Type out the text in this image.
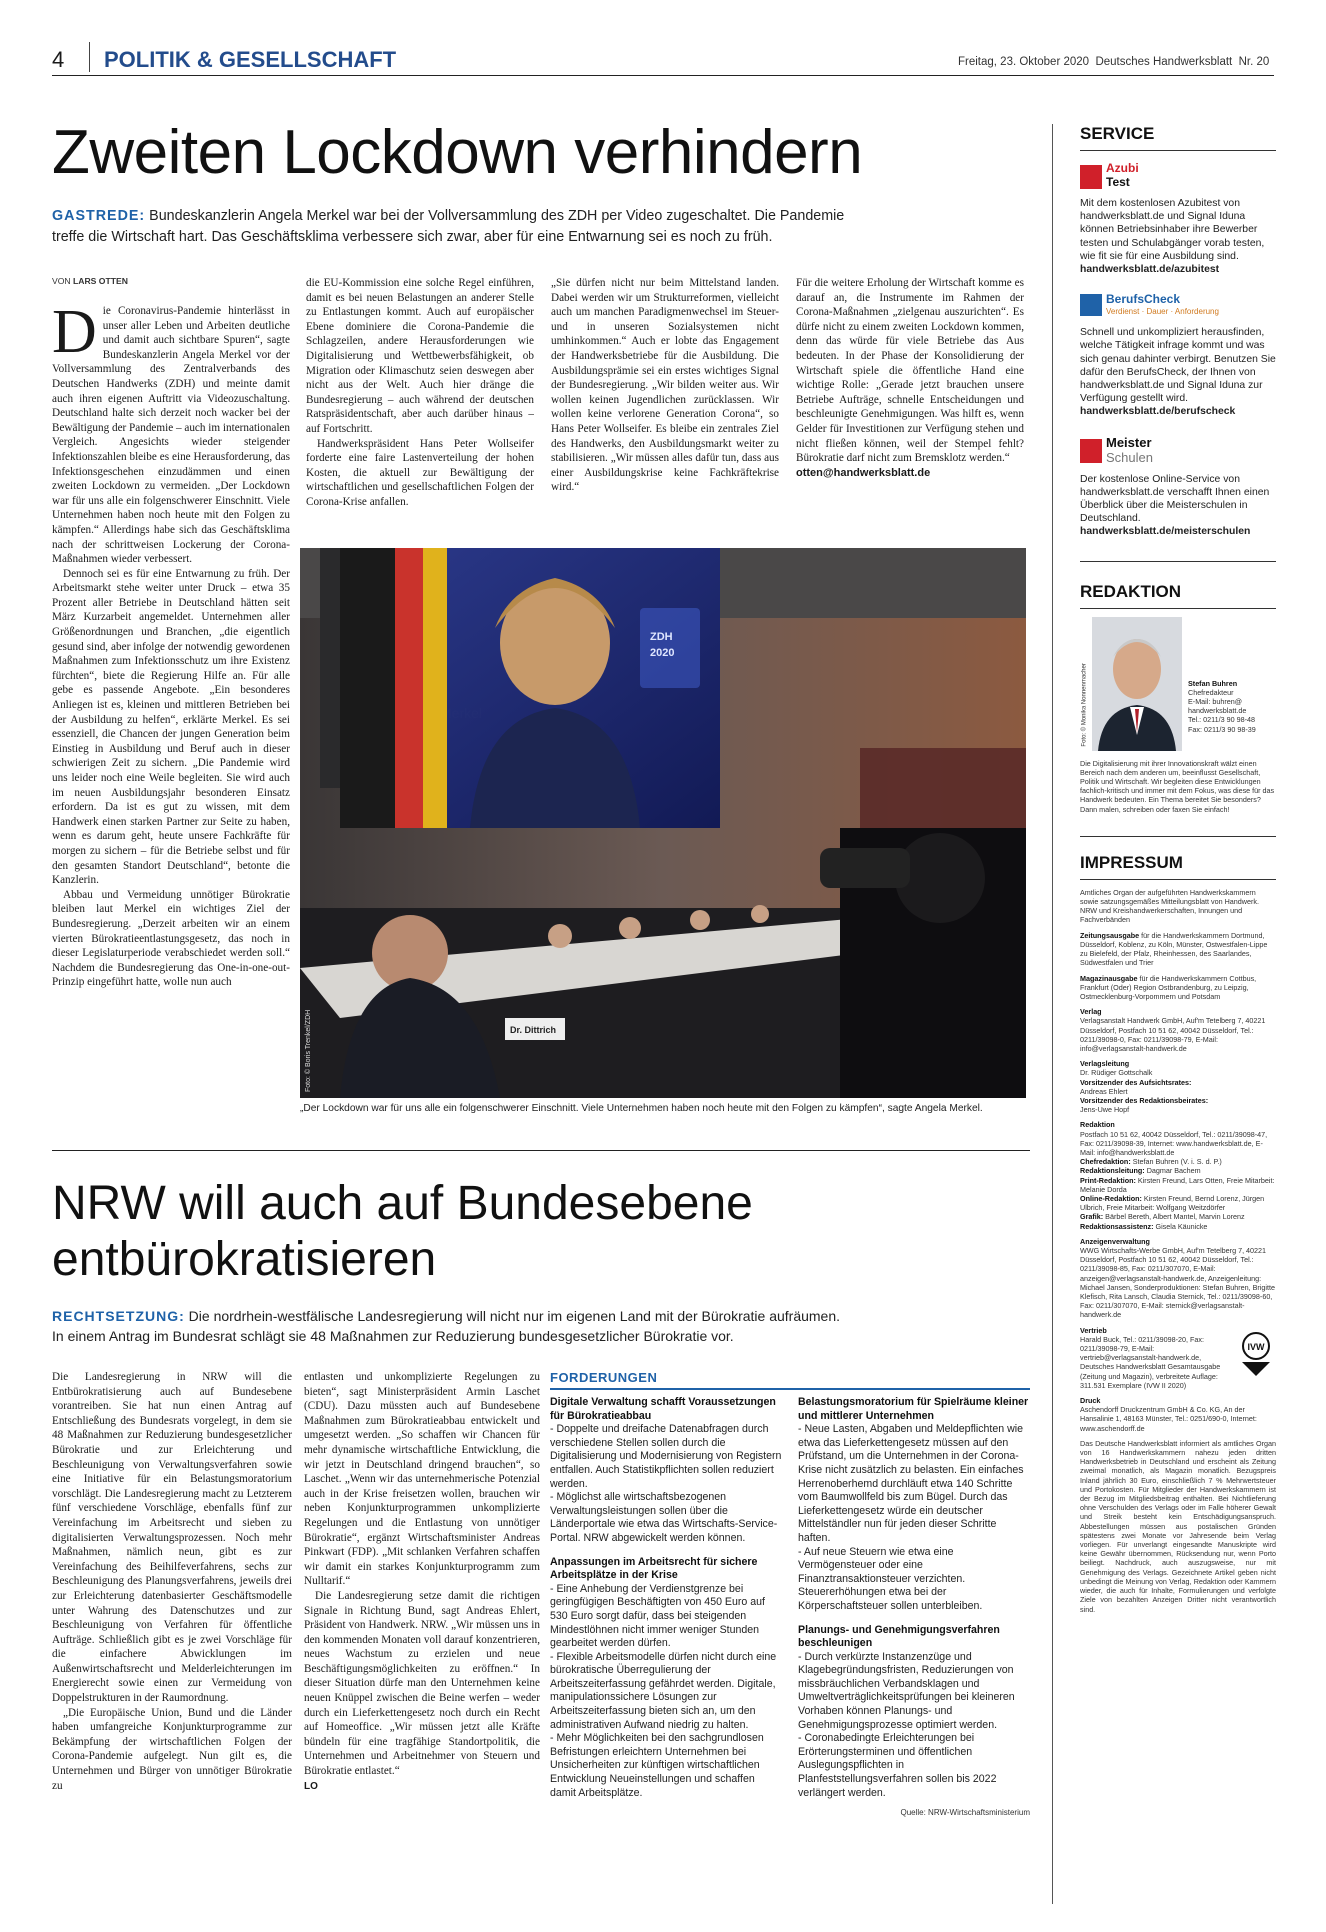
4 POLITIK & GESELLSCHAFT	Freitag, 23. Oktober 2020  Deutsches Handwerksblatt  Nr. 20
Zweiten Lockdown verhindern
GASTREDE: Bundeskanzlerin Angela Merkel war bei der Vollversammlung des ZDH per Video zugeschaltet. Die Pandemie
treffe die Wirtschaft hart. Das Geschäftsklima verbessere sich zwar, aber für eine Entwarnung sei es noch zu früh.
VON LARS OTTEN
D ie Coronavirus-Pandemie hinterlässt in unser aller Leben und Arbeiten deutliche und damit auch sichtbare Spuren“, sagte Bundeskanzlerin Angela Merkel vor der Vollversammlung des Zentralverbands des Deutschen Handwerks (ZDH) und meinte damit auch ihren eigenen Auftritt via Videozuschaltung. Deutschland halte sich derzeit noch wacker bei der Bewältigung der Pandemie – auch im internationalen Vergleich. Angesichts wieder steigender Infektionszahlen bleibe es eine Herausforderung, das Infektionsgeschehen einzudämmen und einen zweiten Lockdown zu vermeiden. „Der Lockdown war für uns alle ein folgenschwerer Einschnitt. Viele Unternehmen haben noch heute mit den Folgen zu kämpfen.“ Allerdings habe sich das Geschäftsklima nach der schrittweisen Lockerung der Corona-Maßnahmen wieder verbessert.

Dennoch sei es für eine Entwarnung zu früh. Der Arbeitsmarkt stehe weiter unter Druck – etwa 35 Prozent aller Betriebe in Deutschland hätten seit März Kurzarbeit angemeldet. Unternehmen aller Größenordnungen und Branchen, „die eigentlich gesund sind, aber infolge der notwendig gewordenen Maßnahmen zum Infektionsschutz um ihre Existenz fürchten“, biete die Regierung Hilfe an. Für alle gebe es passende Angebote. „Ein besonderes Anliegen ist es, kleinen und mittleren Betrieben bei der Ausbildung zu helfen“, erklärte Merkel. Es sei essenziell, die Chancen der jungen Generation beim Einstieg in Ausbildung und Beruf auch in dieser schwierigen Zeit zu sichern. „Die Pandemie wird uns leider noch eine Weile begleiten. Sie wird auch im neuen Ausbildungsjahr besonderen Einsatz erfordern. Da ist es gut zu wissen, mit dem Handwerk einen starken Partner zur Seite zu haben, wenn es darum geht, heute unsere Fachkräfte für morgen zu sichern – für die Betriebe selbst und für den gesamten Standort Deutschland“, betonte die Kanzlerin.

Abbau und Vermeidung unnötiger Bürokratie bleiben laut Merkel ein wichtiges Ziel der Bundesregierung. „Derzeit arbeiten wir an einem vierten Bürokratieentlastungsgesetz, das noch in dieser Legislaturperiode verabschiedet werden soll.“ Nachdem die Bundesregierung das One-in-one-out-Prinzip eingeführt hatte, wolle nun auch

die EU-Kommission eine solche Regel einführen, damit es bei neuen Belastungen an anderer Stelle zu Entlastungen kommt. Auch auf europäischer Ebene dominiere die Corona-Pandemie die Schlagzeilen, andere Herausforderungen wie Digitalisierung und Wettbewerbsfähigkeit, ob Migration oder Klimaschutz seien deswegen aber nicht aus der Welt. Auch hier dränge die Bundesregierung – auch während der deutschen Ratspräsidentschaft, aber auch darüber hinaus – auf Fortschritt.

Handwerkspräsident Hans Peter Wollseifer forderte eine faire Lastenverteilung der hohen Kosten, die aktuell zur Bewältigung der wirtschaftlichen und gesellschaftlichen Folgen der Corona-Krise anfallen.

„Sie dürfen nicht nur beim Mittelstand landen. Dabei werden wir um Strukturreformen, vielleicht auch um manchen Paradigmenwechsel im Steuer- und in unseren Sozialsystemen nicht umhinkommen.“ Auch er lobte das Engagement der Handwerksbetriebe für die Ausbildung. Die Ausbildungsprämie sei ein erstes wichtiges Signal der Bundesregierung. „Wir bilden weiter aus. Wir wollen keinen Jugendlichen zurücklassen. Wir wollen keine verlorene Generation Corona“, so Hans Peter Wollseifer. Es bleibe ein zentrales Ziel des Handwerks, den Ausbildungsmarkt weiter zu stabilisieren. „Wir müssen alles dafür tun, dass aus einer Ausbildungskrise keine Fachkräftekrise wird.“

Für die weitere Erholung der Wirtschaft komme es darauf an, die Instrumente im Rahmen der Corona-Maßnahmen „zielgenau auszurichten“. Es dürfe nicht zu einem zweiten Lockdown kommen, denn das würde für viele Betriebe das Aus bedeuten. In der Phase der Konsolidierung der Wirtschaft spiele die öffentliche Hand eine wichtige Rolle: „Gerade jetzt brauchen unsere Betriebe Aufträge, schnelle Entscheidungen und beschleunigte Genehmigungen. Was hilft es, wenn Gelder für Investitionen zur Verfügung stehen und nicht fließen können, weil der Stempel fehlt? Bürokratie darf nicht zum Bremsklotz werden.“

otten@handwerksblatt.de
Foto: © Boris Trenkel/ZDH
ZDH
2020
Dr. Dittrich
„Der Lockdown war für uns alle ein folgenschwerer Einschnitt. Viele Unternehmen haben noch heute mit den Folgen zu kämpfen“, sagte Angela Merkel.
NRW will auch auf Bundesebene
entbürokratisieren
RECHTSETZUNG: Die nordrhein-westfälische Landesregierung will nicht nur im eigenen Land mit der Bürokratie aufräumen.
In einem Antrag im Bundesrat schlägt sie 48 Maßnahmen zur Reduzierung bundesgesetzlicher Bürokratie vor.

Die Landesregierung in NRW will die Entbürokratisierung auch auf Bundesebene vorantreiben. Sie hat nun einen Antrag auf Entschließung des Bundesrats vorgelegt, in dem sie 48 Maßnahmen zur Reduzierung bundesgesetzlicher Bürokratie und zur Erleichterung und Beschleunigung von Verwaltungsverfahren sowie eine Initiative für ein Belastungsmoratorium vorschlägt. Die Landesregierung macht zu Letzterem fünf verschiedene Vorschläge, ebenfalls fünf zur Vereinfachung im Arbeitsrecht und sieben zu digitalisierten Verwaltungsprozessen. Noch mehr Maßnahmen, nämlich neun, gibt es zur Vereinfachung des Beihilfeverfahrens, sechs zur Beschleunigung des Planungsverfahrens, jeweils drei zur Erleichterung datenbasierter Geschäftsmodelle unter Wahrung des Datenschutzes und zur Beschleunigung von Verfahren für öffentliche Aufträge. Schließlich gibt es je zwei Vorschläge für die einfachere Abwicklungen im Außenwirtschaftsrecht und Melderleichterungen im Energierecht sowie einen zur Vermeidung von Doppelstrukturen in der Raumordnung.

„Die Europäische Union, Bund und die Länder haben umfangreiche Konjunkturprogramme zur Bekämpfung der wirtschaftlichen Folgen der Corona-Pandemie aufgelegt. Nun gilt es, die Unternehmen und Bürger von unnötiger Bürokratie zu

entlasten und unkomplizierte Regelungen zu bieten“, sagt Ministerpräsident Armin Laschet (CDU). Dazu müssten auch auf Bundesebene Maßnahmen zum Bürokratieabbau entwickelt und umgesetzt werden. „So schaffen wir Chancen für mehr dynamische wirtschaftliche Entwicklung, die wir jetzt in Deutschland dringend brauchen“, so Laschet. „Wenn wir das unternehmerische Potenzial auch in der Krise freisetzen wollen, brauchen wir neben Konjunkturprogrammen unkomplizierte Regelungen und die Entlastung von unnötiger Bürokratie“, ergänzt Wirtschaftsminister Andreas Pinkwart (FDP). „Mit schlanken Verfahren schaffen wir damit ein starkes Konjunkturprogramm zum Nulltarif.“

Die Landesregierung setze damit die richtigen Signale in Richtung Bund, sagt Andreas Ehlert, Präsident von Handwerk. NRW. „Wir müssen uns in den kommenden Monaten voll darauf konzentrieren, neues Wachstum zu erzielen und neue Beschäftigungsmöglichkeiten zu eröffnen.“ In dieser Situation dürfe man den Unternehmen keine neuen Knüppel zwischen die Beine werfen – weder durch ein Lieferkettengesetz noch durch ein Recht auf Homeoffice. „Wir müssen jetzt alle Kräfte bündeln für eine tragfähige Standortpolitik, die Unternehmen und Arbeitnehmer von Steuern und Bürokratie entlastet.“

LO
FORDERUNGEN
Digitale Verwaltung schafft Voraussetzungen für Bürokratieabbau
- Doppelte und dreifache Datenabfragen durch verschiedene Stellen sollen durch die Digitalisierung und Modernisierung von Registern entfallen. Auch Statistikpflichten sollen reduziert werden.
- Möglichst alle wirtschaftsbezogenen Verwaltungsleistungen sollen über die Länderportale wie etwa das Wirtschafts-Service-Portal. NRW abgewickelt werden können.
Anpassungen im Arbeitsrecht für sichere Arbeitsplätze in der Krise
- Eine Anhebung der Verdienstgrenze bei geringfügigen Beschäftigten von 450 Euro auf 530 Euro sorgt dafür, dass bei steigenden Mindestlöhnen nicht immer weniger Stunden gearbeitet werden dürfen.
- Flexible Arbeitsmodelle dürfen nicht durch eine bürokratische Überregulierung der Arbeitszeiterfassung gefährdet werden. Digitale, manipulationssichere Lösungen zur Arbeitszeiterfassung bieten sich an, um den administrativen Aufwand niedrig zu halten.
- Mehr Möglichkeiten bei den sachgrundlosen Befristungen erleichtern Unternehmen bei Unsicherheiten zur künftigen wirtschaftlichen Entwicklung Neueinstellungen und schaffen damit Arbeitsplätze.
Belastungsmoratorium für Spielräume kleiner und mittlerer Unternehmen
- Neue Lasten, Abgaben und Meldepflichten wie etwa das Lieferkettengesetz müssen auf den Prüfstand, um die Unternehmen in der Corona-Krise nicht zusätzlich zu belasten. Ein einfaches Herrenoberhemd durchläuft etwa 140 Schritte vom Baumwollfeld bis zum Bügel. Durch das Lieferkettengesetz würde ein deutscher Mittelständler nun für jeden dieser Schritte haften.
- Auf neue Steuern wie etwa eine Vermögensteuer oder eine Finanztransaktionsteuer verzichten. Steuererhöhungen etwa bei der Körperschaftsteuer sollen unterbleiben.
Planungs- und Genehmigungsverfahren beschleunigen
- Durch verkürzte Instanzenzüge und Klagebegründungsfristen, Reduzierungen von missbräuchlichen Verbandsklagen und Umweltverträglichkeitsprüfungen bei kleineren Vorhaben können Planungs- und Genehmigungsprozesse optimiert werden.
- Coronabedingte Erleichterungen bei Erörterungsterminen und öffentlichen Auslegungspflichten in Planfeststellungsverfahren sollen bis 2022 verlängert werden.
Quelle: NRW-Wirtschaftsministerium
SERVICE
Azubi
Test
Mit dem kostenlosen Azubitest von handwerksblatt.de und Signal Iduna können Betriebsinhaber ihre Bewerber testen und Schulabgänger vorab testen, wie fit sie für eine Ausbildung sind.
handwerksblatt.de/azubitest
BerufsCheck
Verdienst · Dauer · Anforderung
Schnell und unkompliziert herausfinden, welche Tätigkeit infrage kommt und was sich genau dahinter verbirgt. Benutzen Sie dafür den BerufsCheck, der Ihnen von handwerksblatt.de und Signal Iduna zur Verfügung gestellt wird.
handwerksblatt.de/berufscheck
Meister
Schulen
Der kostenlose Online-Service von handwerksblatt.de verschafft Ihnen einen Überblick über die Meisterschulen in Deutschland.
handwerksblatt.de/meisterschulen
REDAKTION
Foto: © Monika Nonnenmacher	Stefan Buhren
Chefredakteur
E-Mail: buhren@ handwerksblatt.de
Tel.: 0211/3 90 98-48
Fax: 0211/3 90 98-39
Die Digitalisierung mit ihrer Innovationskraft wälzt einen Bereich nach dem anderen um, beeinflusst Gesellschaft, Politik und Wirtschaft. Wir begleiten diese Entwicklungen fachlich-kritisch und immer mit dem Fokus, was diese für das Handwerk bedeuten. Ein Thema bereitet Sie besonders? Dann malen, schreiben oder faxen Sie einfach!
IMPRESSUM
Amtliches Organ der aufgeführten Handwerkskammern sowie satzungsgemäßes Mitteilungsblatt von Handwerk. NRW und Kreishandwerkerschaften, Innungen und Fachverbänden
Zeitungsausgabe für die Handwerkskammern Dortmund, Düsseldorf, Koblenz, zu Köln, Münster, Ostwestfalen-Lippe zu Bielefeld, der Pfalz, Rheinhessen, des Saarlandes, Südwestfalen und Trier
Magazinausgabe für die Handwerkskammern Cottbus, Frankfurt (Oder) Region Ostbrandenburg, zu Leipzig, Ostmecklenburg-Vorpommern und Potsdam
Verlag
Verlagsanstalt Handwerk GmbH, Auf'm Tetelberg 7, 40221 Düsseldorf, Postfach 10 51 62, 40042 Düsseldorf, Tel.: 0211/39098-0, Fax: 0211/39098-79, E-Mail: info@verlagsanstalt-handwerk.de
Verlagsleitung
Dr. Rüdiger Gottschalk
Vorsitzender des Aufsichtsrates:
Andreas Ehlert
Vorsitzender des Redaktionsbeirates:
Jens-Uwe Hopf
Redaktion
Postfach 10 51 62, 40042 Düsseldorf, Tel.: 0211/39098-47, Fax: 0211/39098-39, Internet: www.handwerksblatt.de, E-Mail: info@handwerksblatt.de
Chefredaktion: Stefan Buhren (V. i. S. d. P.)
Redaktionsleitung: Dagmar Bachem
Print-Redaktion: Kirsten Freund, Lars Otten, Freie Mitarbeit: Melanie Dorda
Online-Redaktion: Kirsten Freund, Bernd Lorenz, Jürgen Ulbrich, Freie Mitarbeit: Wolfgang Weitzdörfer
Grafik: Bärbel Bereth, Albert Mantel, Marvin Lorenz
Redaktionsassistenz: Gisela Käunicke
Anzeigenverwaltung
WWG Wirtschafts-Werbe GmbH, Auf'm Tetelberg 7, 40221 Düsseldorf, Postfach 10 51 62, 40042 Düsseldorf, Tel.: 0211/39098-85, Fax: 0211/307070, E-Mail: anzeigen@verlagsanstalt-handwerk.de, Anzeigenleitung: Michael Jansen, Sonderproduktionen: Stefan Buhren, Brigitte Klefisch, Rita Lansch, Claudia Sternick, Tel.: 0211/39098-60, Fax: 0211/307070, E-Mail: sternick@verlagsanstalt-handwerk.de
Vertrieb
Harald Buck, Tel.: 0211/39098-20, Fax: 0211/39098-79, E-Mail: vertrieb@verlagsanstalt-handwerk.de, Deutsches Handwerksblatt Gesamtausgabe (Zeitung und Magazin), verbreitete Auflage: 311.531 Exemplare (IVW II 2020)
IVW
Druck
Aschendorff Druckzentrum GmbH & Co. KG, An der Hansalinie 1, 48163 Münster, Tel.: 0251/690-0, Internet: www.aschendorff.de
Das Deutsche Handwerksblatt informiert als amtliches Organ von 16 Handwerkskammern nahezu jeden dritten Handwerksbetrieb in Deutschland und erscheint als Zeitung zweimal monatlich, als Magazin monatlich. Bezugspreis Inland jährlich 30 Euro, einschließlich 7 % Mehrwertsteuer und Portokosten. Für Mitglieder der Handwerkskammern ist der Bezug im Mitgliedsbeitrag enthalten. Bei Nichtlieferung ohne Verschulden des Verlags oder im Falle höherer Gewalt und Streik besteht kein Entschädigungsanspruch. Abbestellungen müssen aus postalischen Gründen spätestens zwei Monate vor Jahresende beim Verlag vorliegen. Für unverlangt eingesandte Manuskripte wird keine Gewähr übernommen, Rücksendung nur, wenn Porto beiliegt. Nachdruck, auch auszugsweise, nur mit Genehmigung des Verlags. Gezeichnete Artikel geben nicht unbedingt die Meinung von Verlag, Redaktion oder Kammern wieder, die auch für Inhalte, Formulierungen und verfolgte Ziele von bezahlten Anzeigen Dritter nicht verantwortlich sind.
